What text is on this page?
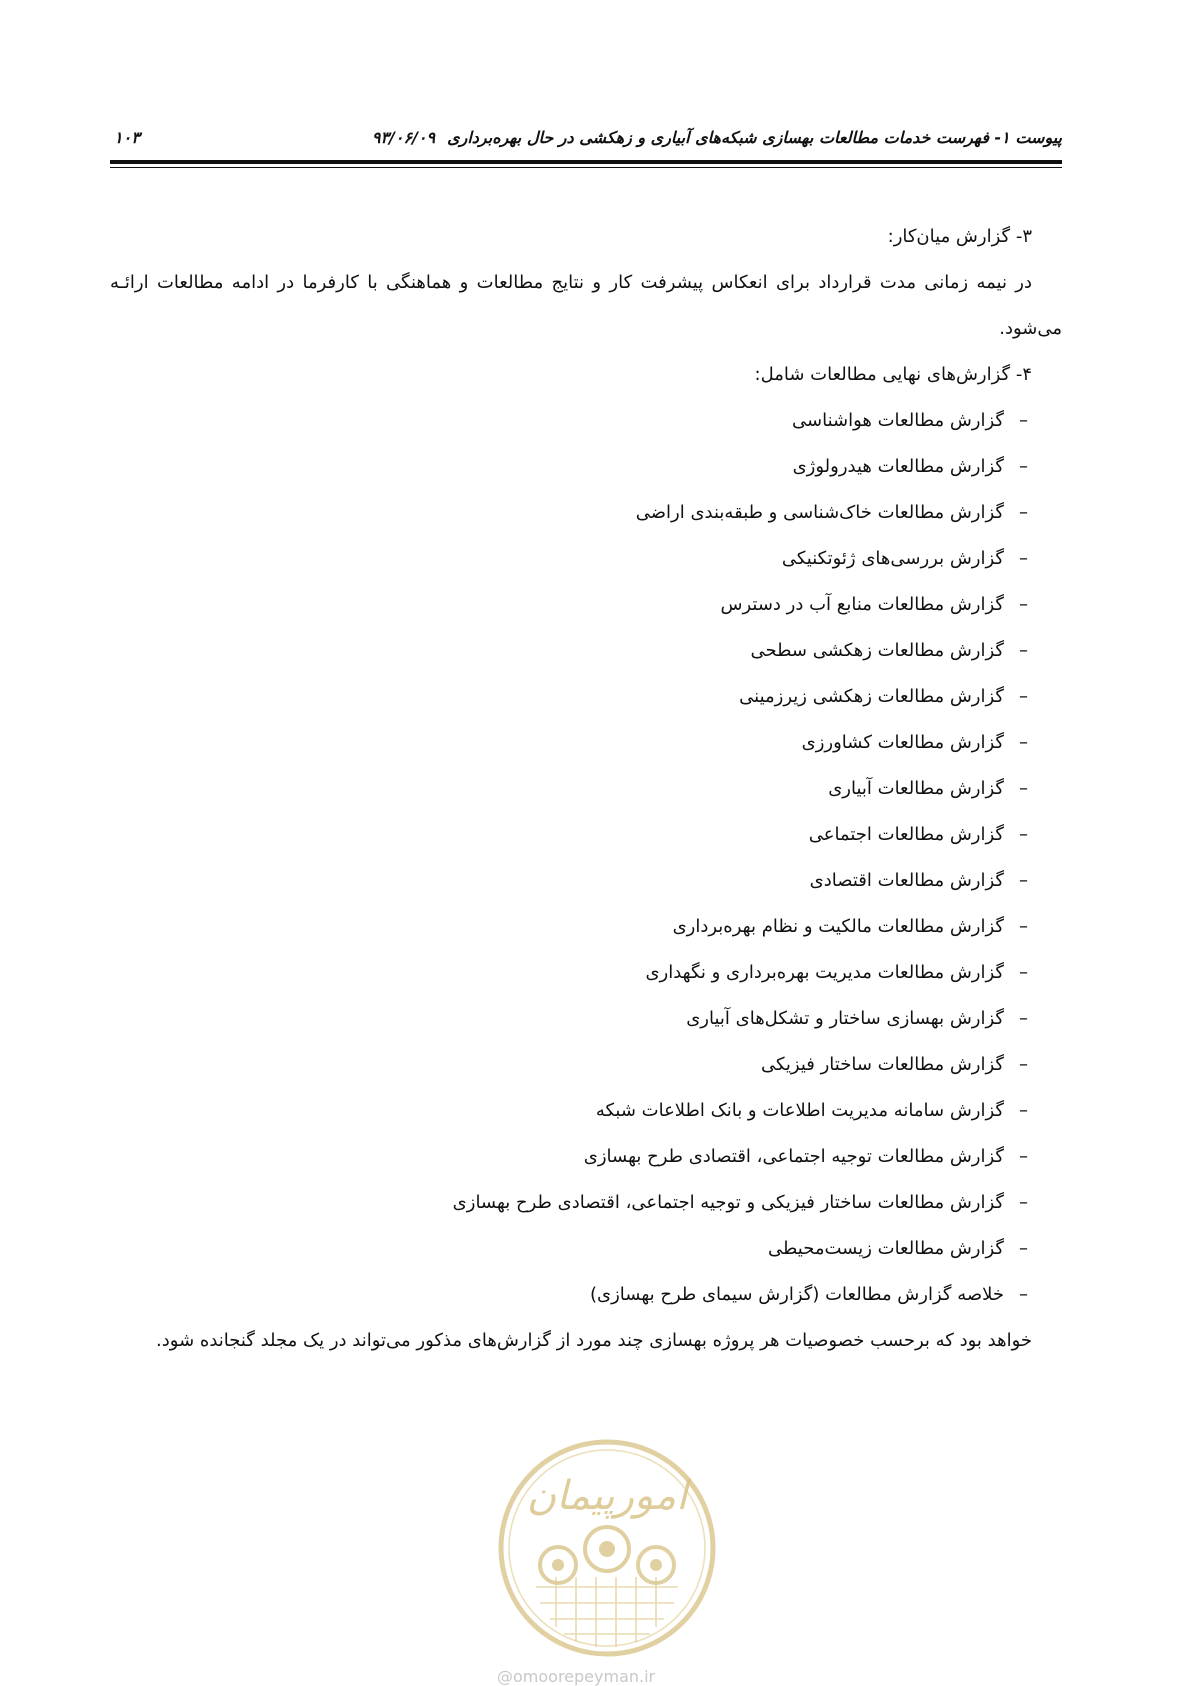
پیوست ۱- فهرست خدمات مطالعات بهسازی شبکه‌های آبیاری و زهکشی در حال بهره‌برداری۹۳/۰۶/۰۹
۱۰۳
۳- گزارش میان‌کار:
در نیمه زمانی مدت قرارداد برای انعکاس پیشرفت کار و نتایج مطالعات و هماهنگی با کارفرما در ادامه مطالعات ارائـه
می‌شود.
۴- گزارش‌های نهایی مطالعات شامل:
–
گزارش مطالعات هواشناسی
–
گزارش مطالعات هیدرولوژی
–
گزارش مطالعات خاک‌شناسی و طبقه‌بندی اراضی
–
گزارش بررسی‌های ژئوتکنیکی
–
گزارش مطالعات منابع آب در دسترس
–
گزارش مطالعات زهکشی سطحی
–
گزارش مطالعات زهکشی زیرزمینی
–
گزارش مطالعات کشاورزی
–
گزارش مطالعات آبیاری
–
گزارش مطالعات اجتماعی
–
گزارش مطالعات اقتصادی
–
گزارش مطالعات مالکیت و نظام بهره‌برداری
–
گزارش مطالعات مدیریت بهره‌برداری و نگهداری
–
گزارش بهسازی ساختار و تشکل‌های آبیاری
–
گزارش مطالعات ساختار فیزیکی
–
گزارش سامانه مدیریت اطلاعات و بانک اطلاعات شبکه
–
گزارش مطالعات توجیه اجتماعی، اقتصادی طرح بهسازی
–
گزارش مطالعات ساختار فیزیکی و توجیه اجتماعی، اقتصادی طرح بهسازی
–
گزارش مطالعات زیست‌محیطی
–
خلاصه گزارش مطالعات (گزارش سیمای طرح بهسازی)
خواهد بود که برحسب خصوصیات هر پروژه بهسازی چند مورد از گزارش‌های مذکور می‌تواند در یک مجلد گنجانده شود.
امورپیمان
@omoorepeyman.ir
